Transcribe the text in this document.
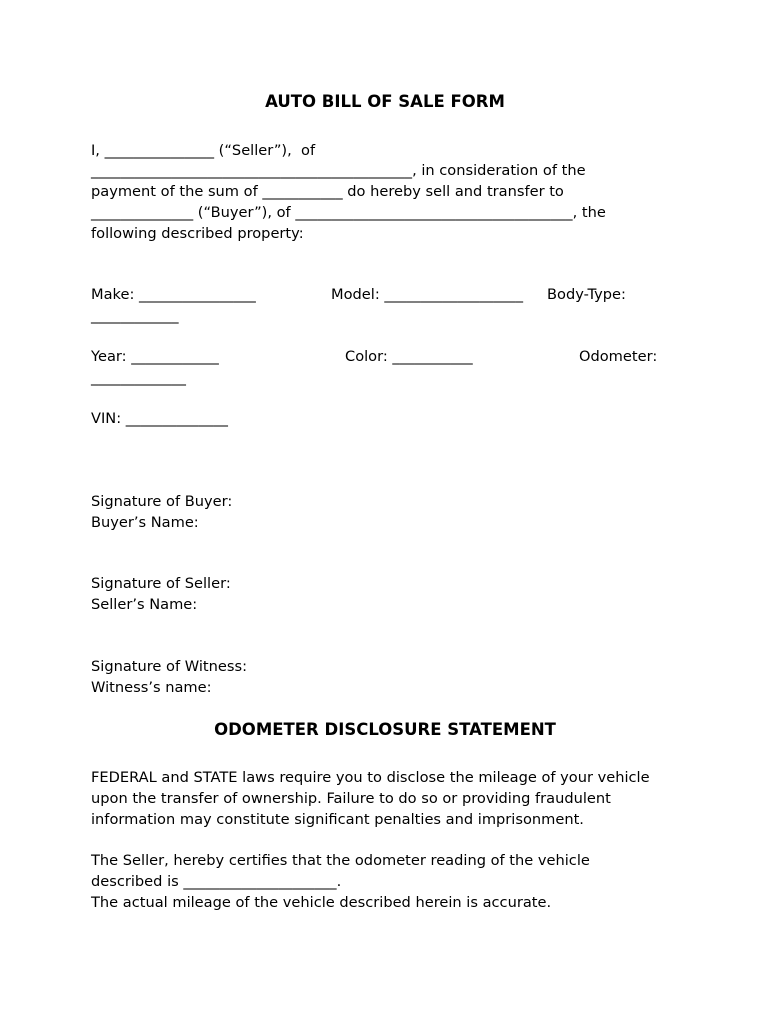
AUTO BILL OF SALE FORM
I, _______________ (“Seller”),  of
____________________________________________, in consideration of the
payment of the sum of ___________ do hereby sell and transfer to
______________ (“Buyer”), of ______________________________________, the
following described property:
Make: ________________	Model: ___________________ Body-Type:
____________
Year: ____________	Color: ___________	Odometer:
_____________
VIN: ______________
Signature of Buyer:
Buyer’s Name:
Signature of Seller:
Seller’s Name:
Signature of Witness:
Witness’s name:
ODOMETER DISCLOSURE STATEMENT
FEDERAL and STATE laws require you to disclose the mileage of your vehicle
upon the transfer of ownership. Failure to do so or providing fraudulent
information may constitute significant penalties and imprisonment.
The Seller, hereby certifies that the odometer reading of the vehicle
described is _____________________.
The actual mileage of the vehicle described herein is accurate.
